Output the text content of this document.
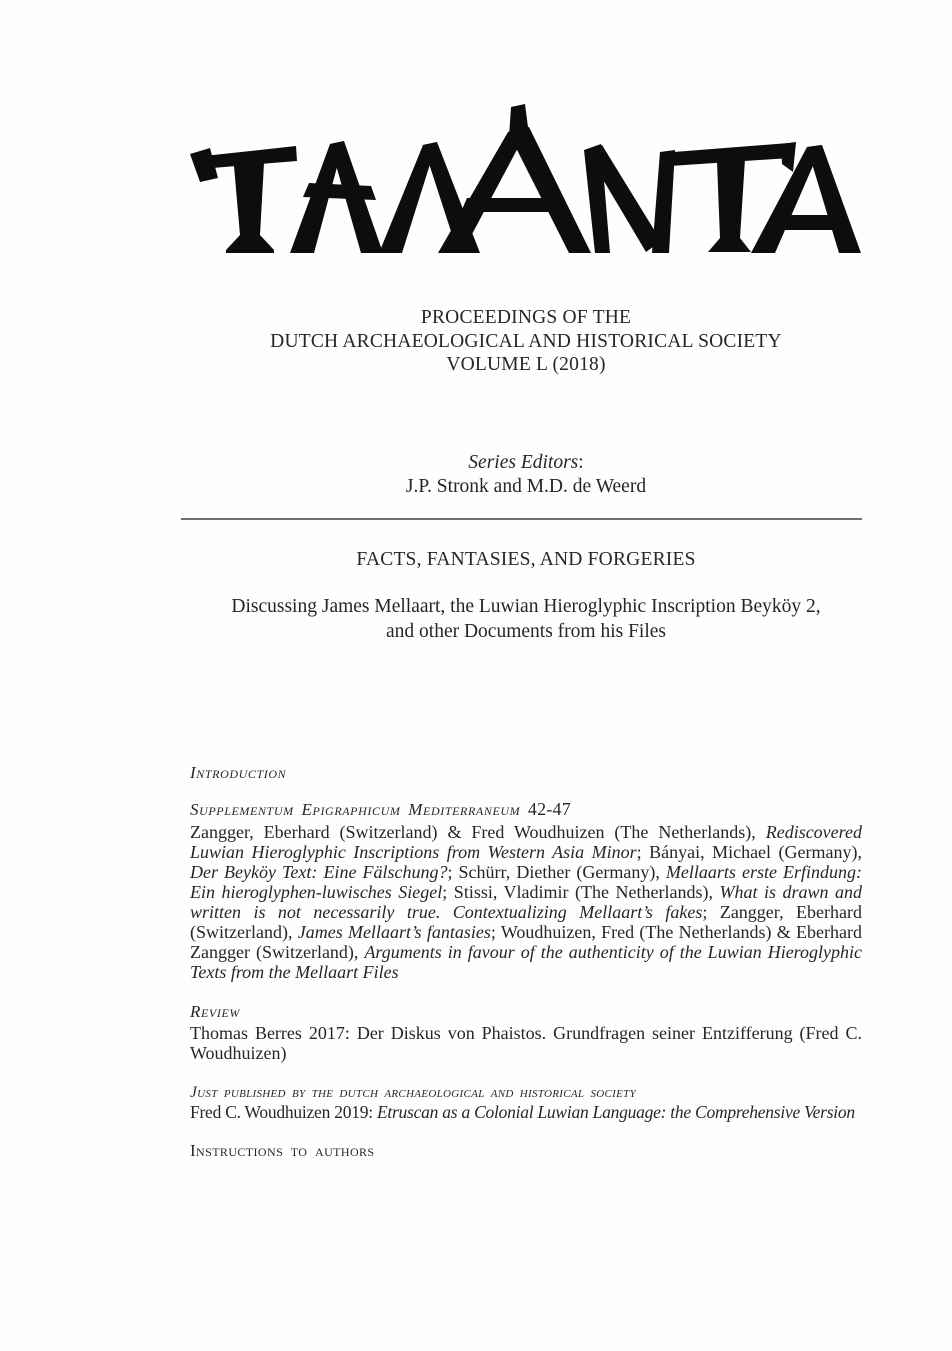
PROCEEDINGS OF THE
DUTCH ARCHAEOLOGICAL AND HISTORICAL SOCIETY
VOLUME L (2018)
Series Editors:
J.P. Stronk and M.D. de Weerd
FACTS, FANTASIES, AND FORGERIES
Discussing James Mellaart, the Luwian Hieroglyphic Inscription Beyköy 2,
and other Documents from his Files
Introduction
Supplementum Epigraphicum Mediterraneum 42-47

Zangger, Eberhard (Switzerland) & Fred Woudhuizen (The Netherlands), Rediscovered Luwian Hieroglyphic Inscriptions from Western Asia Minor; Bányai, Michael (Germany), Der Beyköy Text: Eine Fälschung?; Schürr, Diether (Germany), Mellaarts erste Erfindung: Ein hieroglyphen-luwisches Siegel; Stissi, Vladimir (The Netherlands), What is drawn and written is not necessarily true. Contextualizing Mellaart’s fakes; Zangger, Eberhard (Switzerland), James Mellaart’s fantasies; Woudhuizen, Fred (The Netherlands) & Eberhard Zangger (Switzerland), Arguments in favour of the authenticity of the Luwian Hieroglyphic Texts from the Mellaart Files

Review

Thomas Berres 2017: Der Diskus von Phaistos. Grundfragen seiner Entzifferung (Fred C. Woudhuizen)

Just published by the dutch archaeological and historical society

Fred C. Woudhuizen 2019: Etruscan as a Colonial Luwian Language: the Comprehensive Version

Instructions to authors
